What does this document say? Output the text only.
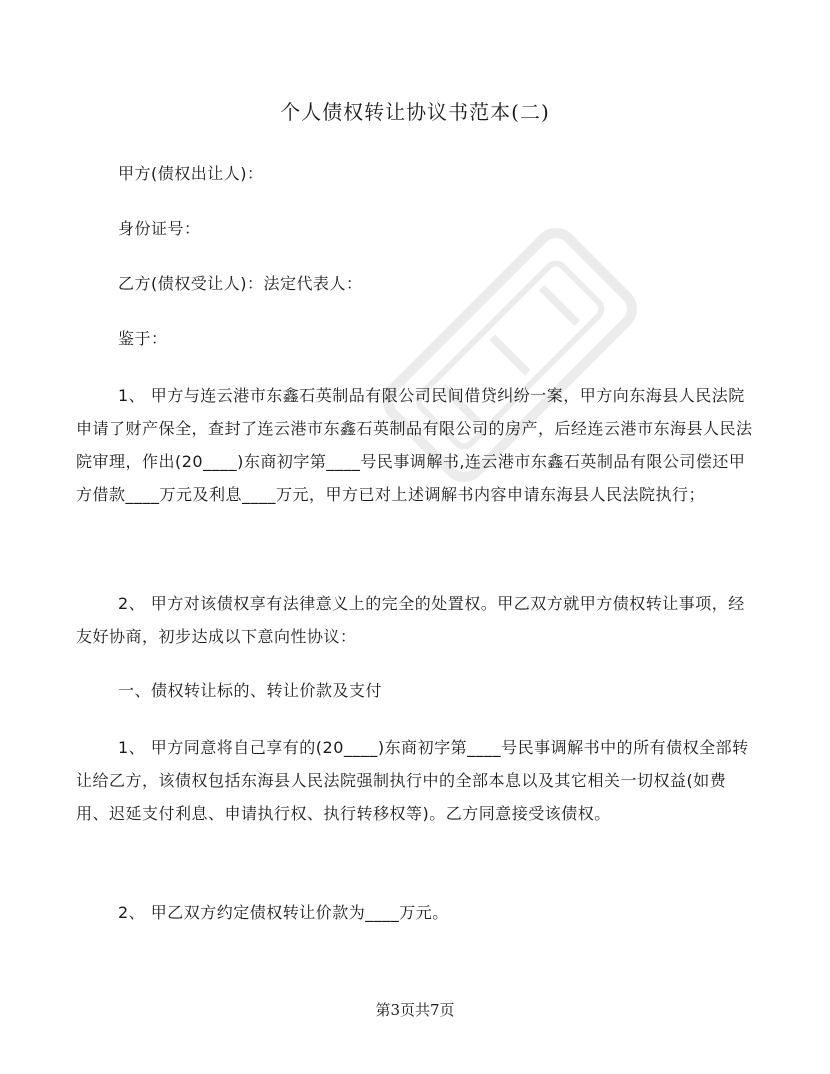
个人债权转让协议书范本(二)
甲方(债权出让人)：
身份证号：
乙方(债权受让人)：法定代表人：
鉴于：
1、 甲方与连云港市东鑫石英制品有限公司民间借贷纠纷一案，甲方向东海县人民法院申请了财产保全，查封了连云港市东鑫石英制品有限公司的房产，后经连云港市东海县人民法院审理，作出(20____)东商初字第____号民事调解书,连云港市东鑫石英制品有限公司偿还甲方借款____万元及利息____万元，甲方已对上述调解书内容申请东海县人民法院执行；
2、 甲方对该债权享有法律意义上的完全的处置权。甲乙双方就甲方债权转让事项，经友好协商，初步达成以下意向性协议：
一、债权转让标的、转让价款及支付
1、 甲方同意将自己享有的(20____)东商初字第____号民事调解书中的所有债权全部转让给乙方，该债权包括东海县人民法院强制执行中的全部本息以及其它相关一切权益(如费用、迟延支付利息、申请执行权、执行转移权等)。乙方同意接受该债权。
2、 甲乙双方约定债权转让价款为____万元。
第3页共7页
